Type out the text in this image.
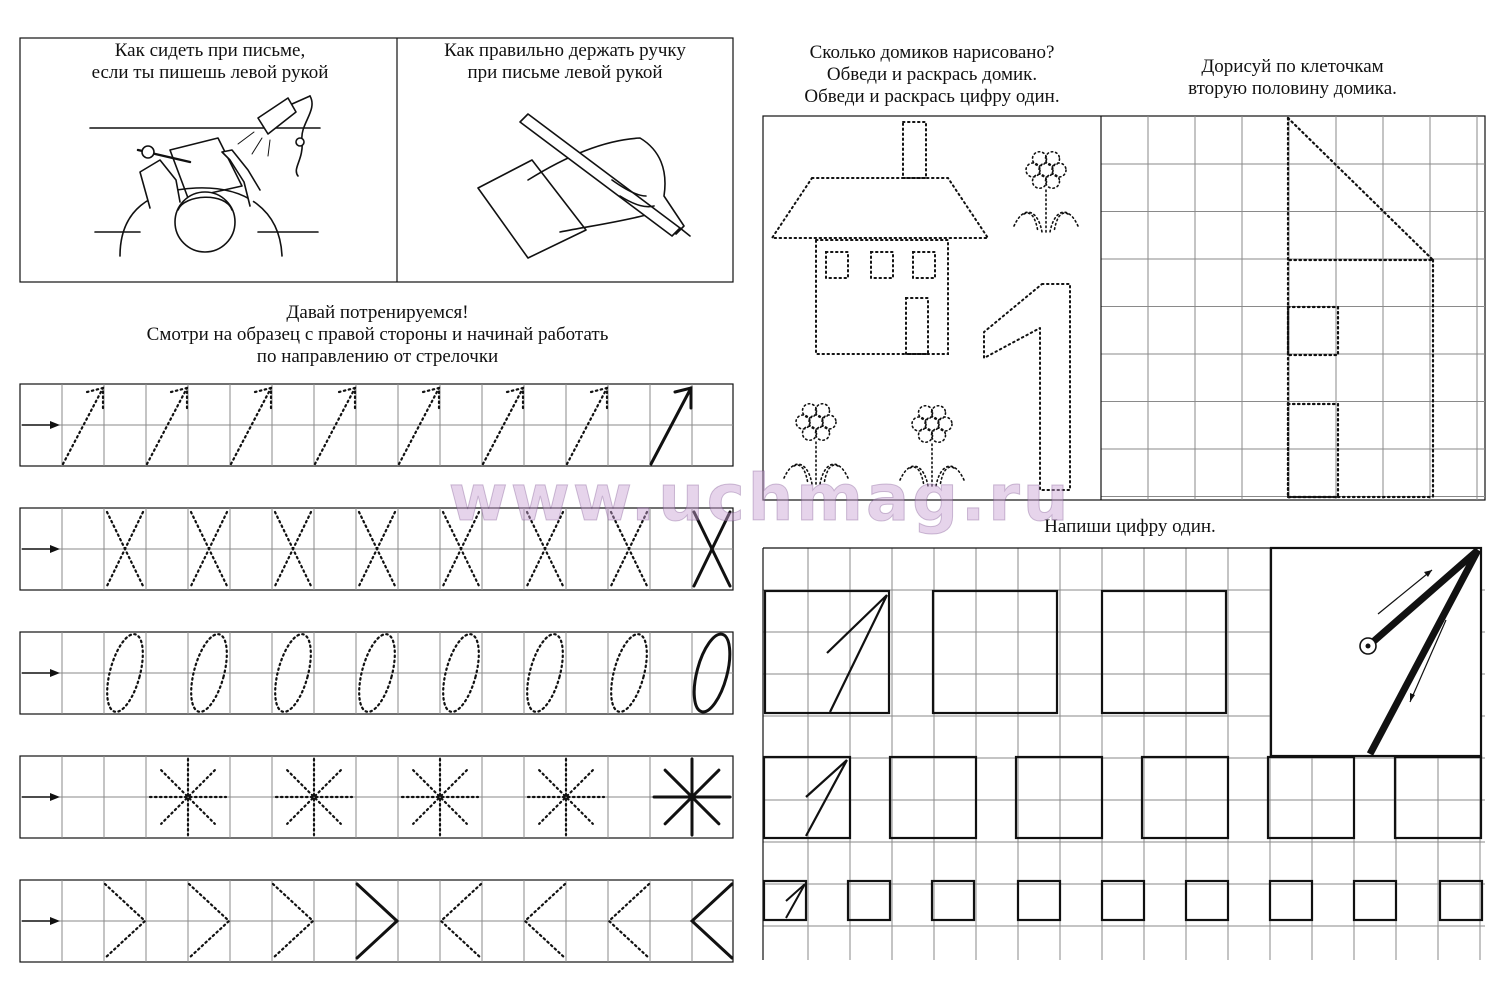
Как сидеть при письме,
если ты пишешь левой рукой
Как правильно держать ручку
при письме левой рукой
Давай потренируемся!
Смотри на образец с правой стороны и начинай работать
по направлению от стрелочки
Сколько домиков нарисовано?
Обведи и раскрась домик.
Обведи и раскрась цифру один.
Дорисуй по клеточкам
вторую половину домика.
Напиши цифру один.
www.uchmag.ru
